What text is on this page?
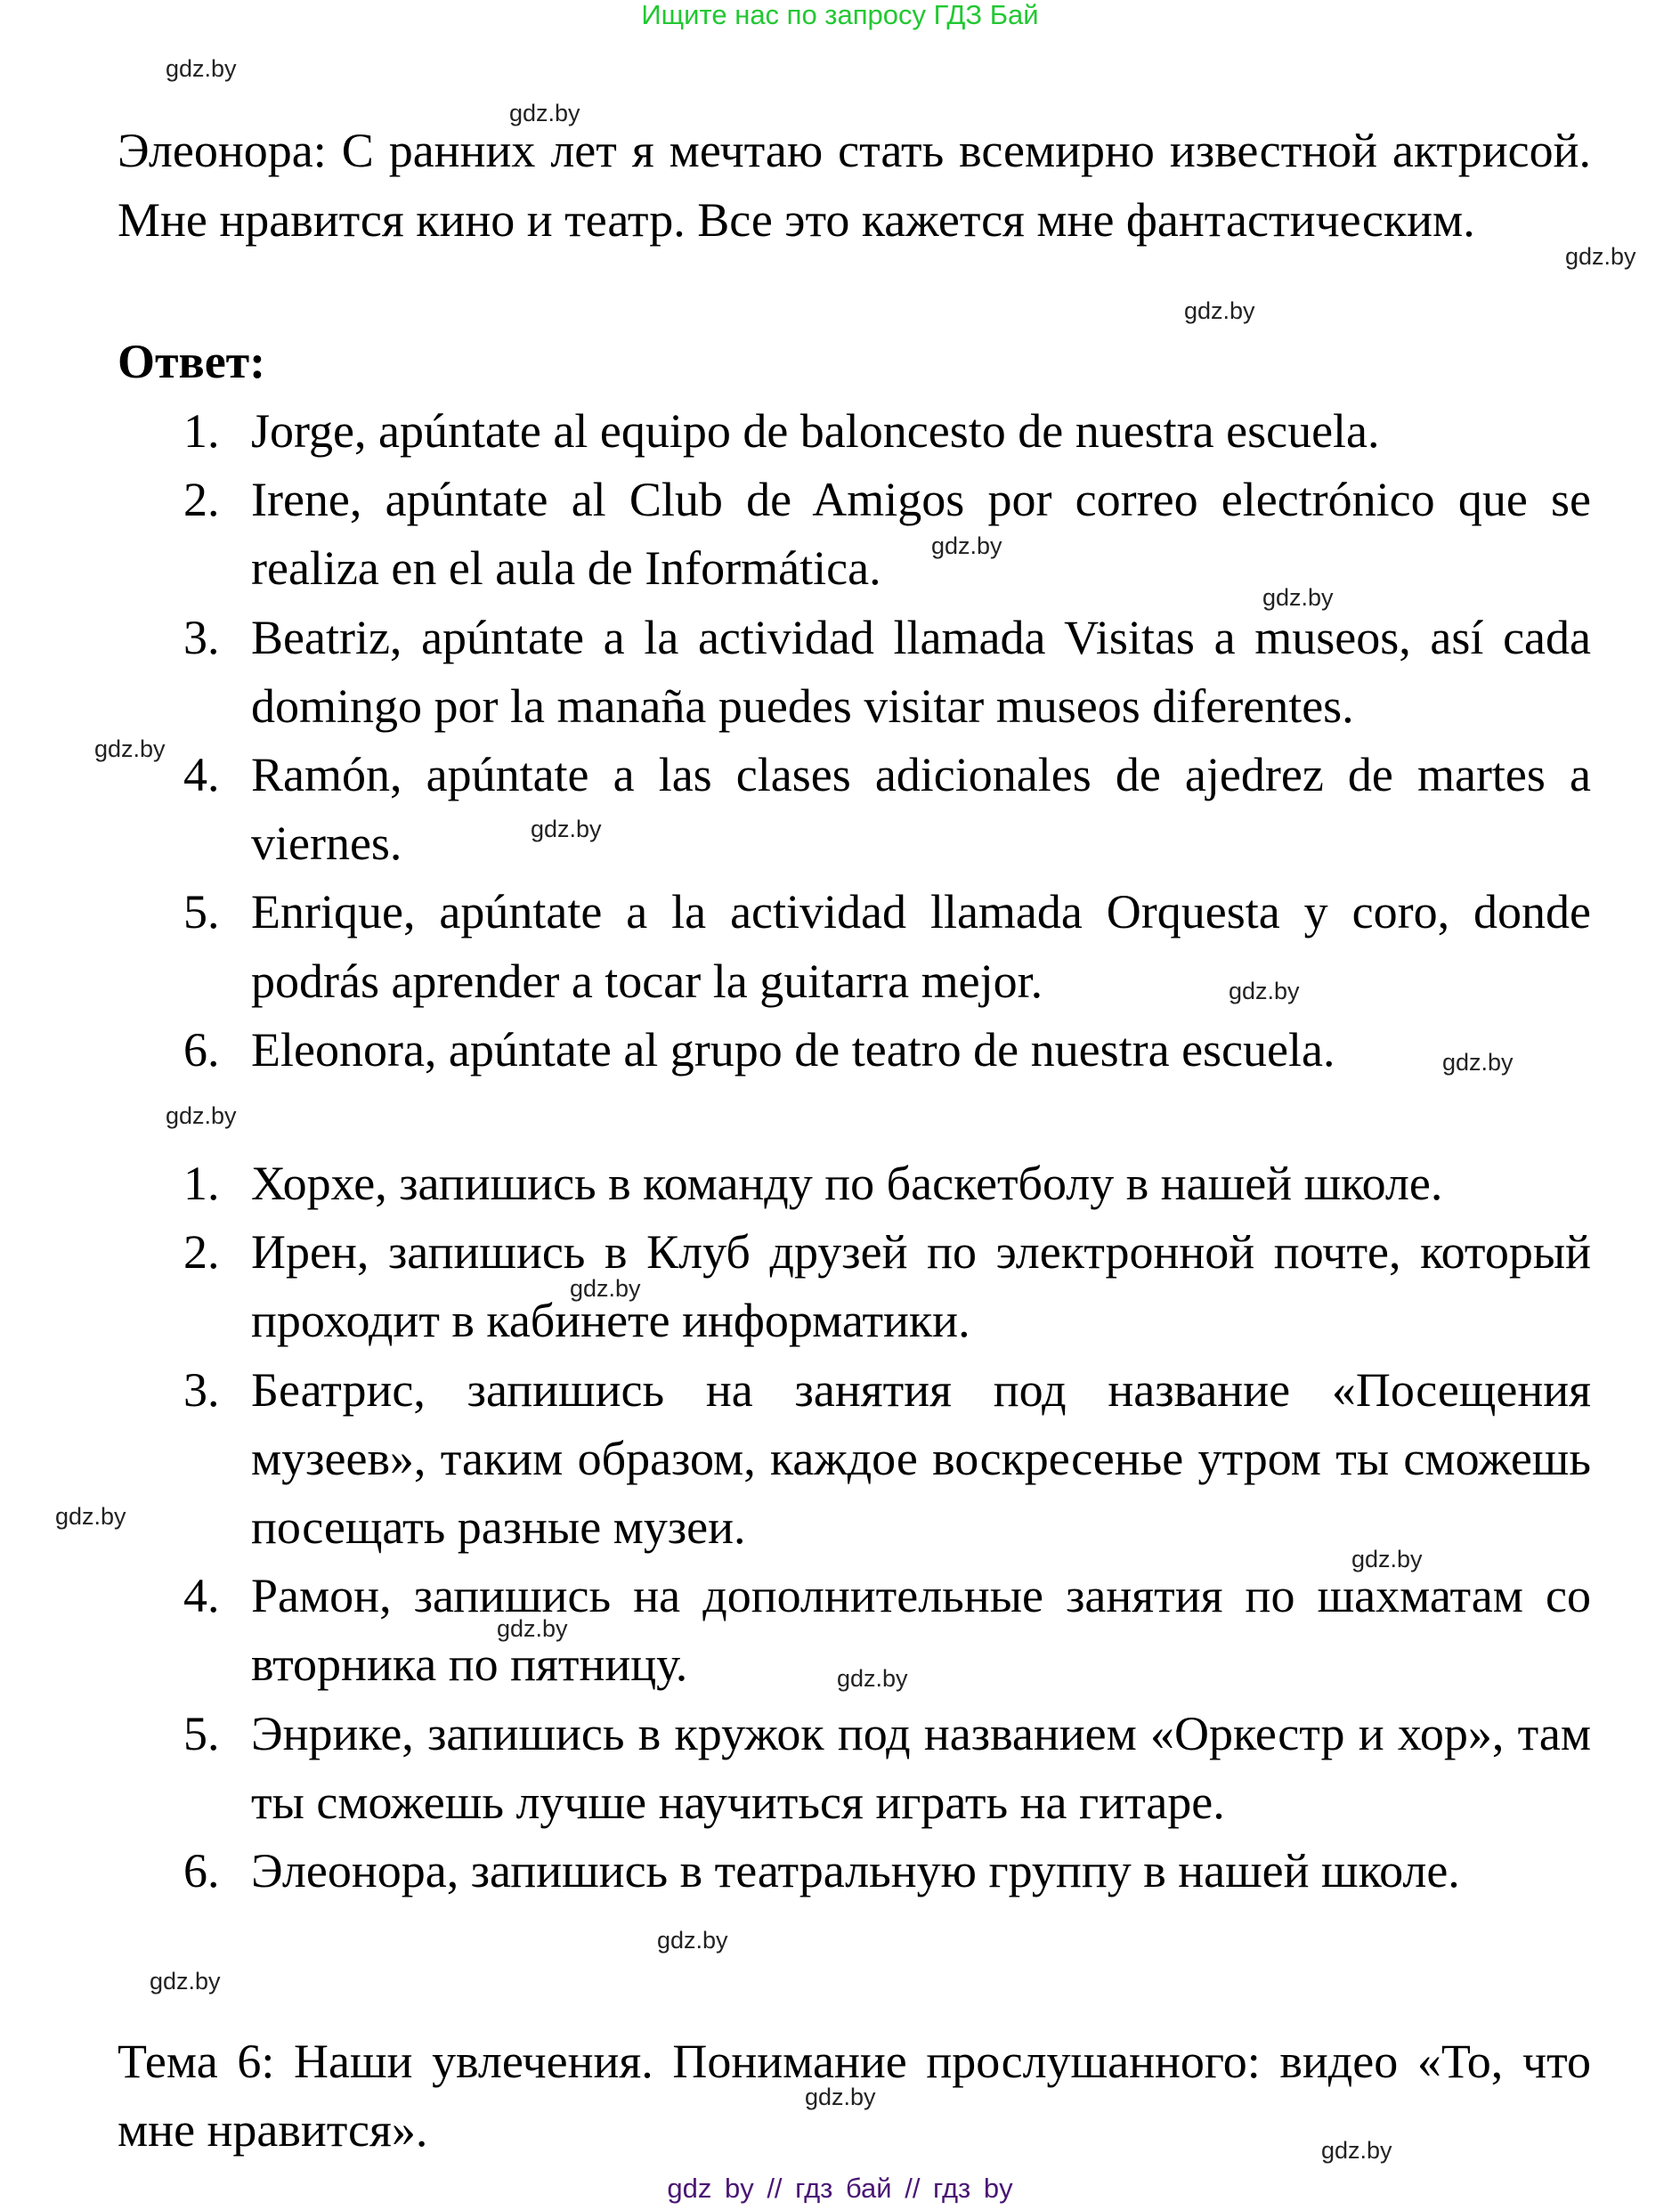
Ищите нас по запросу ГДЗ Бай
gdz.by
gdz.by
gdz.by
gdz.by
gdz.by
gdz.by
gdz.by
gdz.by
gdz.by
gdz.by
gdz.by
gdz.by
gdz.by
gdz.by
gdz.by
gdz.by
gdz.by
gdz.by
gdz.by
gdz.by
Элеонора: С ранних лет я мечтаю стать всемирно известной актрисой. Мне нравится кино и театр. Все это кажется мне фантастическим.
Ответ:
1. Jorge, apúntate al equipo de baloncesto de nuestra escuela.
2. Irene, apúntate al Club de Amigos por correo electrónico que se realiza en el aula de Informática.
3. Beatriz, apúntate a la actividad llamada Visitas a museos, así cada domingo por la manaña puedes visitar museos diferentes.
4. Ramón, apúntate a las clases adicionales de ajedrez de martes a viernes.
5. Enrique, apúntate a la actividad llamada Orquesta y coro, donde podrás aprender a tocar la guitarra mejor.
6. Eleonora, apúntate al grupo de teatro de nuestra escuela.
1. Хорхе, запишись в команду по баскетболу в нашей школе.
2. Ирен, запишись в Клуб друзей по электронной почте, который проходит в кабинете информатики.
3. Беатрис, запишись на занятия под название «Посещения музеев», таким образом, каждое воскресенье утром ты сможешь посещать разные музеи.
4. Рамон, запишись на дополнительные занятия по шахматам со вторника по пятницу.
5. Энрике, запишись в кружок под названием «Оркестр и хор», там ты сможешь лучше научиться играть на гитаре.
6. Элеонора, запишись в театральную группу в нашей школе.
Тема 6: Наши увлечения. Понимание прослушанного: видео «То, что мне нравится».
gdz by // гдз бай // гдз by
